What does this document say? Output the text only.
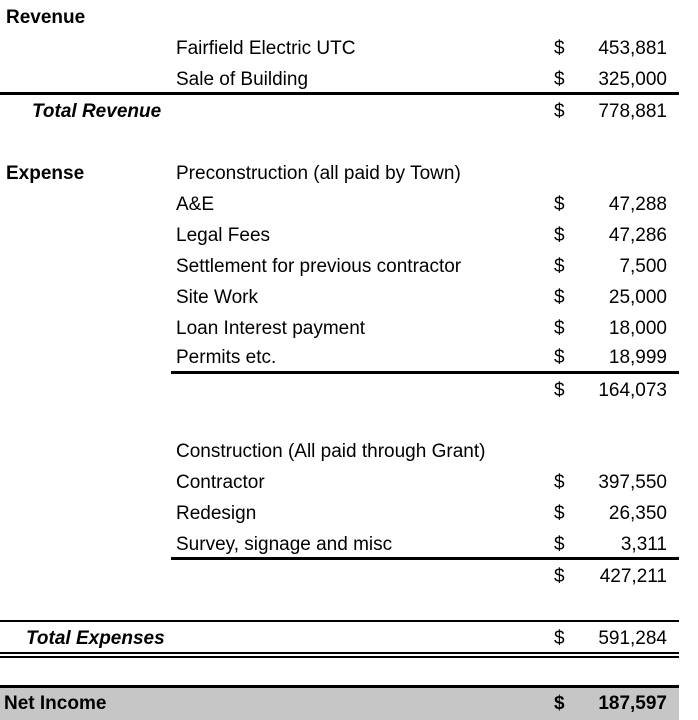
Revenue
Fairfield Electric UTC	$ 453,881
Sale of Building	$ 325,000
Total Revenue	$ 778,881
Expense	Preconstruction (all paid by Town)
A&E	$ 47,288
Legal Fees	$ 47,286
Settlement for previous contractor	$	7,500
Site Work	$ 25,000
Loan Interest payment	$ 18,000
Permits etc.	$ 18,999
$ 164,073
Construction (All paid through Grant)
Contractor	$ 397,550
Redesign	$ 26,350
Survey, signage and misc	$	3,311
$ 427,211
Total Expenses	$ 591,284
Net Income	$ 187,597
